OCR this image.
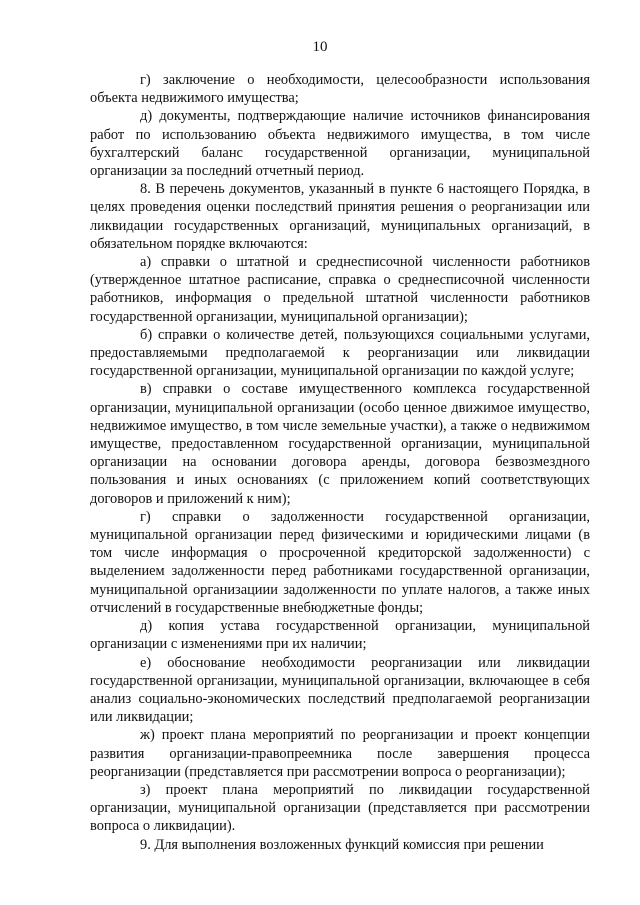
10

г) заключение о необходимости, целесообразности использования объекта недвижимого имущества;

д) документы, подтверждающие наличие источников финансирования работ по использованию объекта недвижимого имущества, в том числе бухгалтерский баланс государственной организации, муниципальной организации за последний отчетный период.

8. В перечень документов, указанный в пункте 6 настоящего Порядка, в целях проведения оценки последствий принятия решения о реорганизации или ликвидации государственных организаций, муниципальных организаций, в обязательном порядке включаются:

а) справки о штатной и среднесписочной численности работников (утвержденное штатное расписание, справка о среднесписочной численности работников, информация о предельной штатной численности работников государственной организации, муниципальной организации);

б) справки о количестве детей, пользующихся социальными услугами, предоставляемыми предполагаемой к реорганизации или ликвидации государственной организации, муниципальной организации по каждой услуге;

в) справки о составе имущественного комплекса государственной организации, муниципальной организации (особо ценное движимое имущество, недвижимое имущество, в том числе земельные участки), а также о недвижимом имуществе, предоставленном государственной организации, муниципальной организации на основании договора аренды, договора безвозмездного пользования и иных основаниях (с приложением копий соответствующих договоров и приложений к ним);

г) справки о задолженности государственной организации, муниципальной организации перед физическими и юридическими лицами (в том числе информация о просроченной кредиторской задолженности) с выделением задолженности перед работниками государственной организации, муниципальной организациии задолженности по уплате налогов, а также иных отчислений в государственные внебюджетные фонды;

д) копия устава государственной организации, муниципальной организации с изменениями при их наличии;

е) обоснование необходимости реорганизации или ликвидации государственной организации, муниципальной организации, включающее в себя анализ социально-экономических последствий предполагаемой реорганизации или ликвидации;

ж) проект плана мероприятий по реорганизации и проект концепции развития организации-правопреемника после завершения процесса реорганизации (представляется при рассмотрении вопроса о реорганизации);

з) проект плана мероприятий по ликвидации государственной организации, муниципальной организации (представляется при рассмотрении вопроса о ликвидации).

9. Для выполнения возложенных функций комиссия при решении
